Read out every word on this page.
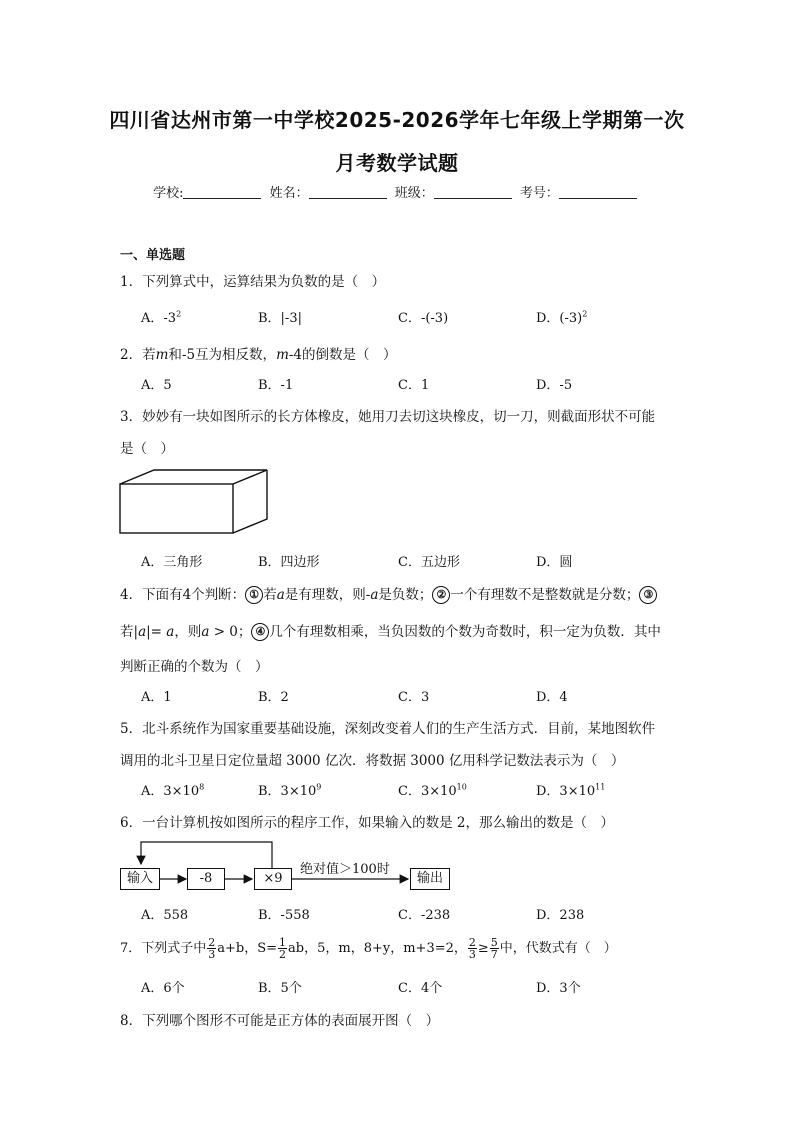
四川省达州市第一中学校2025-2026学年七年级上学期第一次
月考数学试题
学校:	姓名：	班级：	考号：
一、单选题
1．下列算式中，运算结果为负数的是（　）
A．$-3^2$	B．|-3|	C．-(-3)	D．$(-3)^2$
2．若m和-5互为相反数，m-4的倒数是（　）
A．5	B．-1	C．1	D．-5
3．妙妙有一块如图所示的长方体橡皮，她用刀去切这块橡皮，切一刀，则截面形状不可能
是（　）
A．三角形	B．四边形	C．五边形	D．圆
4．下面有4个判断： ① 若a是有理数，则-a是负数； ② 一个有理数不是整数就是分数； ③
若|a|= a，则a > 0； ④ 几个有理数相乘，当负因数的个数为奇数时，积一定为负数．其中
判断正确的个数为（　）
A．1	B．2	C．3	D．4
5．北斗系统作为国家重要基础设施，深刻改变着人们的生产生活方式．目前，某地图软件
调用的北斗卫星日定位量超 3000 亿次．将数据 3000 亿用科学记数法表示为（　）
A．$3\times 10^8$	B．$3\times 10^9$	C．$3\times 10^{10}$	D．$3\times 10^{11}$
6．一台计算机按如图所示的程序工作，如果输入的数是 2，那么输出的数是（　）
输入	-8	×9
绝对值＞100时
输出
A．558	B．-558	C．-238	D．238
7．下列式子中 $\frac{2}{3} a+b$，$S= \frac{1}{2}$ ab，5，m，8+y，m+3=2， $\frac{2}{3} \ge \frac{5}{7}$ 中，代数式有（　）
A．6个	B．5个	C．4个	D．3个
8．下列哪个图形不可能是正方体的表面展开图（　）
